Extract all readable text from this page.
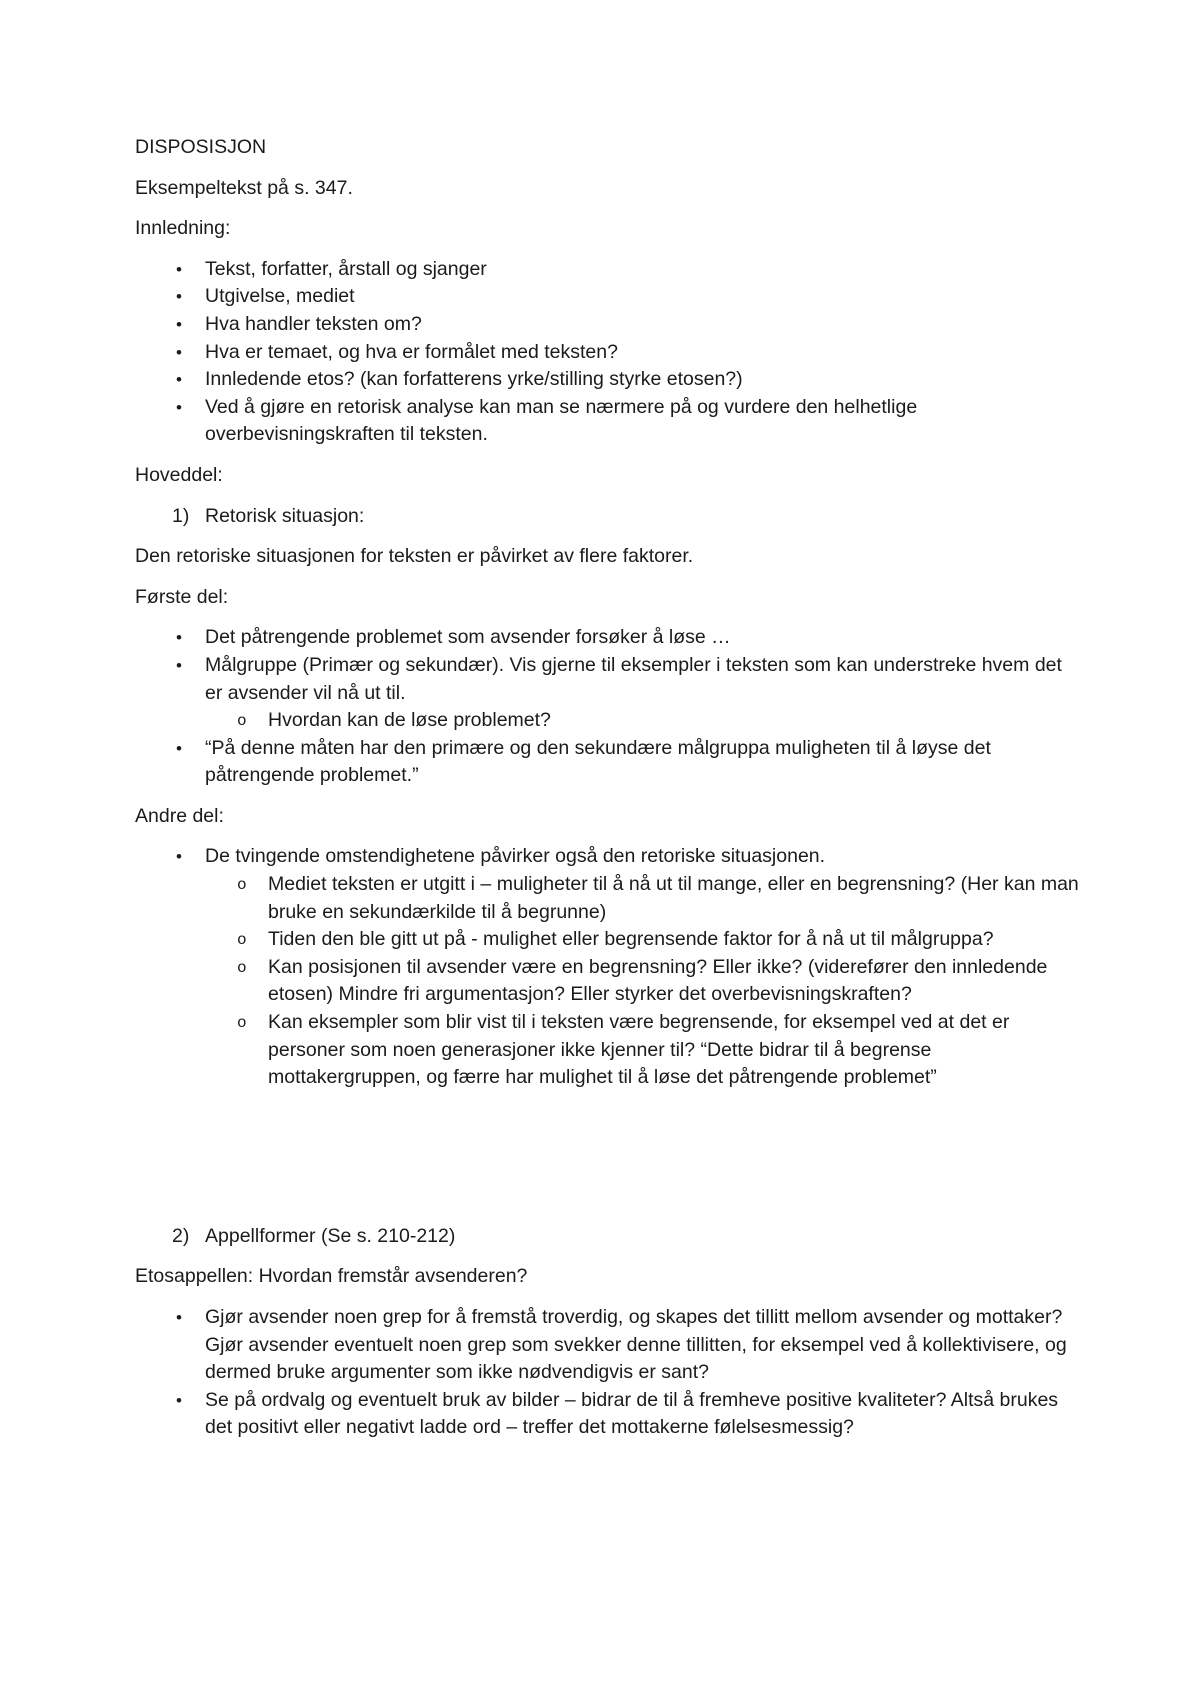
DISPOSISJON
Eksempeltekst på s. 347.
Innledning:
• Tekst, forfatter, årstall og sjanger
• Utgivelse, mediet
• Hva handler teksten om?
• Hva er temaet, og hva er formålet med teksten?
• Innledende etos? (kan forfatterens yrke/stilling styrke etosen?)
• Ved å gjøre en retorisk analyse kan man se nærmere på og vurdere den helhetlige overbevisningskraften til teksten.
Hoveddel:
1) Retorisk situasjon:
Den retoriske situasjonen for teksten er påvirket av flere faktorer.
Første del:
• Det påtrengende problemet som avsender forsøker å løse …
• Målgruppe (Primær og sekundær). Vis gjerne til eksempler i teksten som kan understreke hvem det er avsender vil nå ut til.
o Hvordan kan de løse problemet?
• “På denne måten har den primære og den sekundære målgruppa muligheten til å løyse det påtrengende problemet.”
Andre del:
• De tvingende omstendighetene påvirker også den retoriske situasjonen.
o Mediet teksten er utgitt i – muligheter til å nå ut til mange, eller en begrensning? (Her kan man bruke en sekundærkilde til å begrunne)
o Tiden den ble gitt ut på - mulighet eller begrensende faktor for å nå ut til målgruppa?
o Kan posisjonen til avsender være en begrensning? Eller ikke? (viderefører den innledende etosen) Mindre fri argumentasjon? Eller styrker det overbevisningskraften?
o Kan eksempler som blir vist til i teksten være begrensende, for eksempel ved at det er personer som noen generasjoner ikke kjenner til? “Dette bidrar til å begrense mottakergruppen, og færre har mulighet til å løse det påtrengende problemet”
2) Appellformer (Se s. 210-212)
Etosappellen: Hvordan fremstår avsenderen?
• Gjør avsender noen grep for å fremstå troverdig, og skapes det tillitt mellom avsender og mottaker? Gjør avsender eventuelt noen grep som svekker denne tillitten, for eksempel ved å kollektivisere, og dermed bruke argumenter som ikke nødvendigvis er sant?
• Se på ordvalg og eventuelt bruk av bilder – bidrar de til å fremheve positive kvaliteter? Altså brukes det positivt eller negativt ladde ord – treffer det mottakerne følelsesmessig?
